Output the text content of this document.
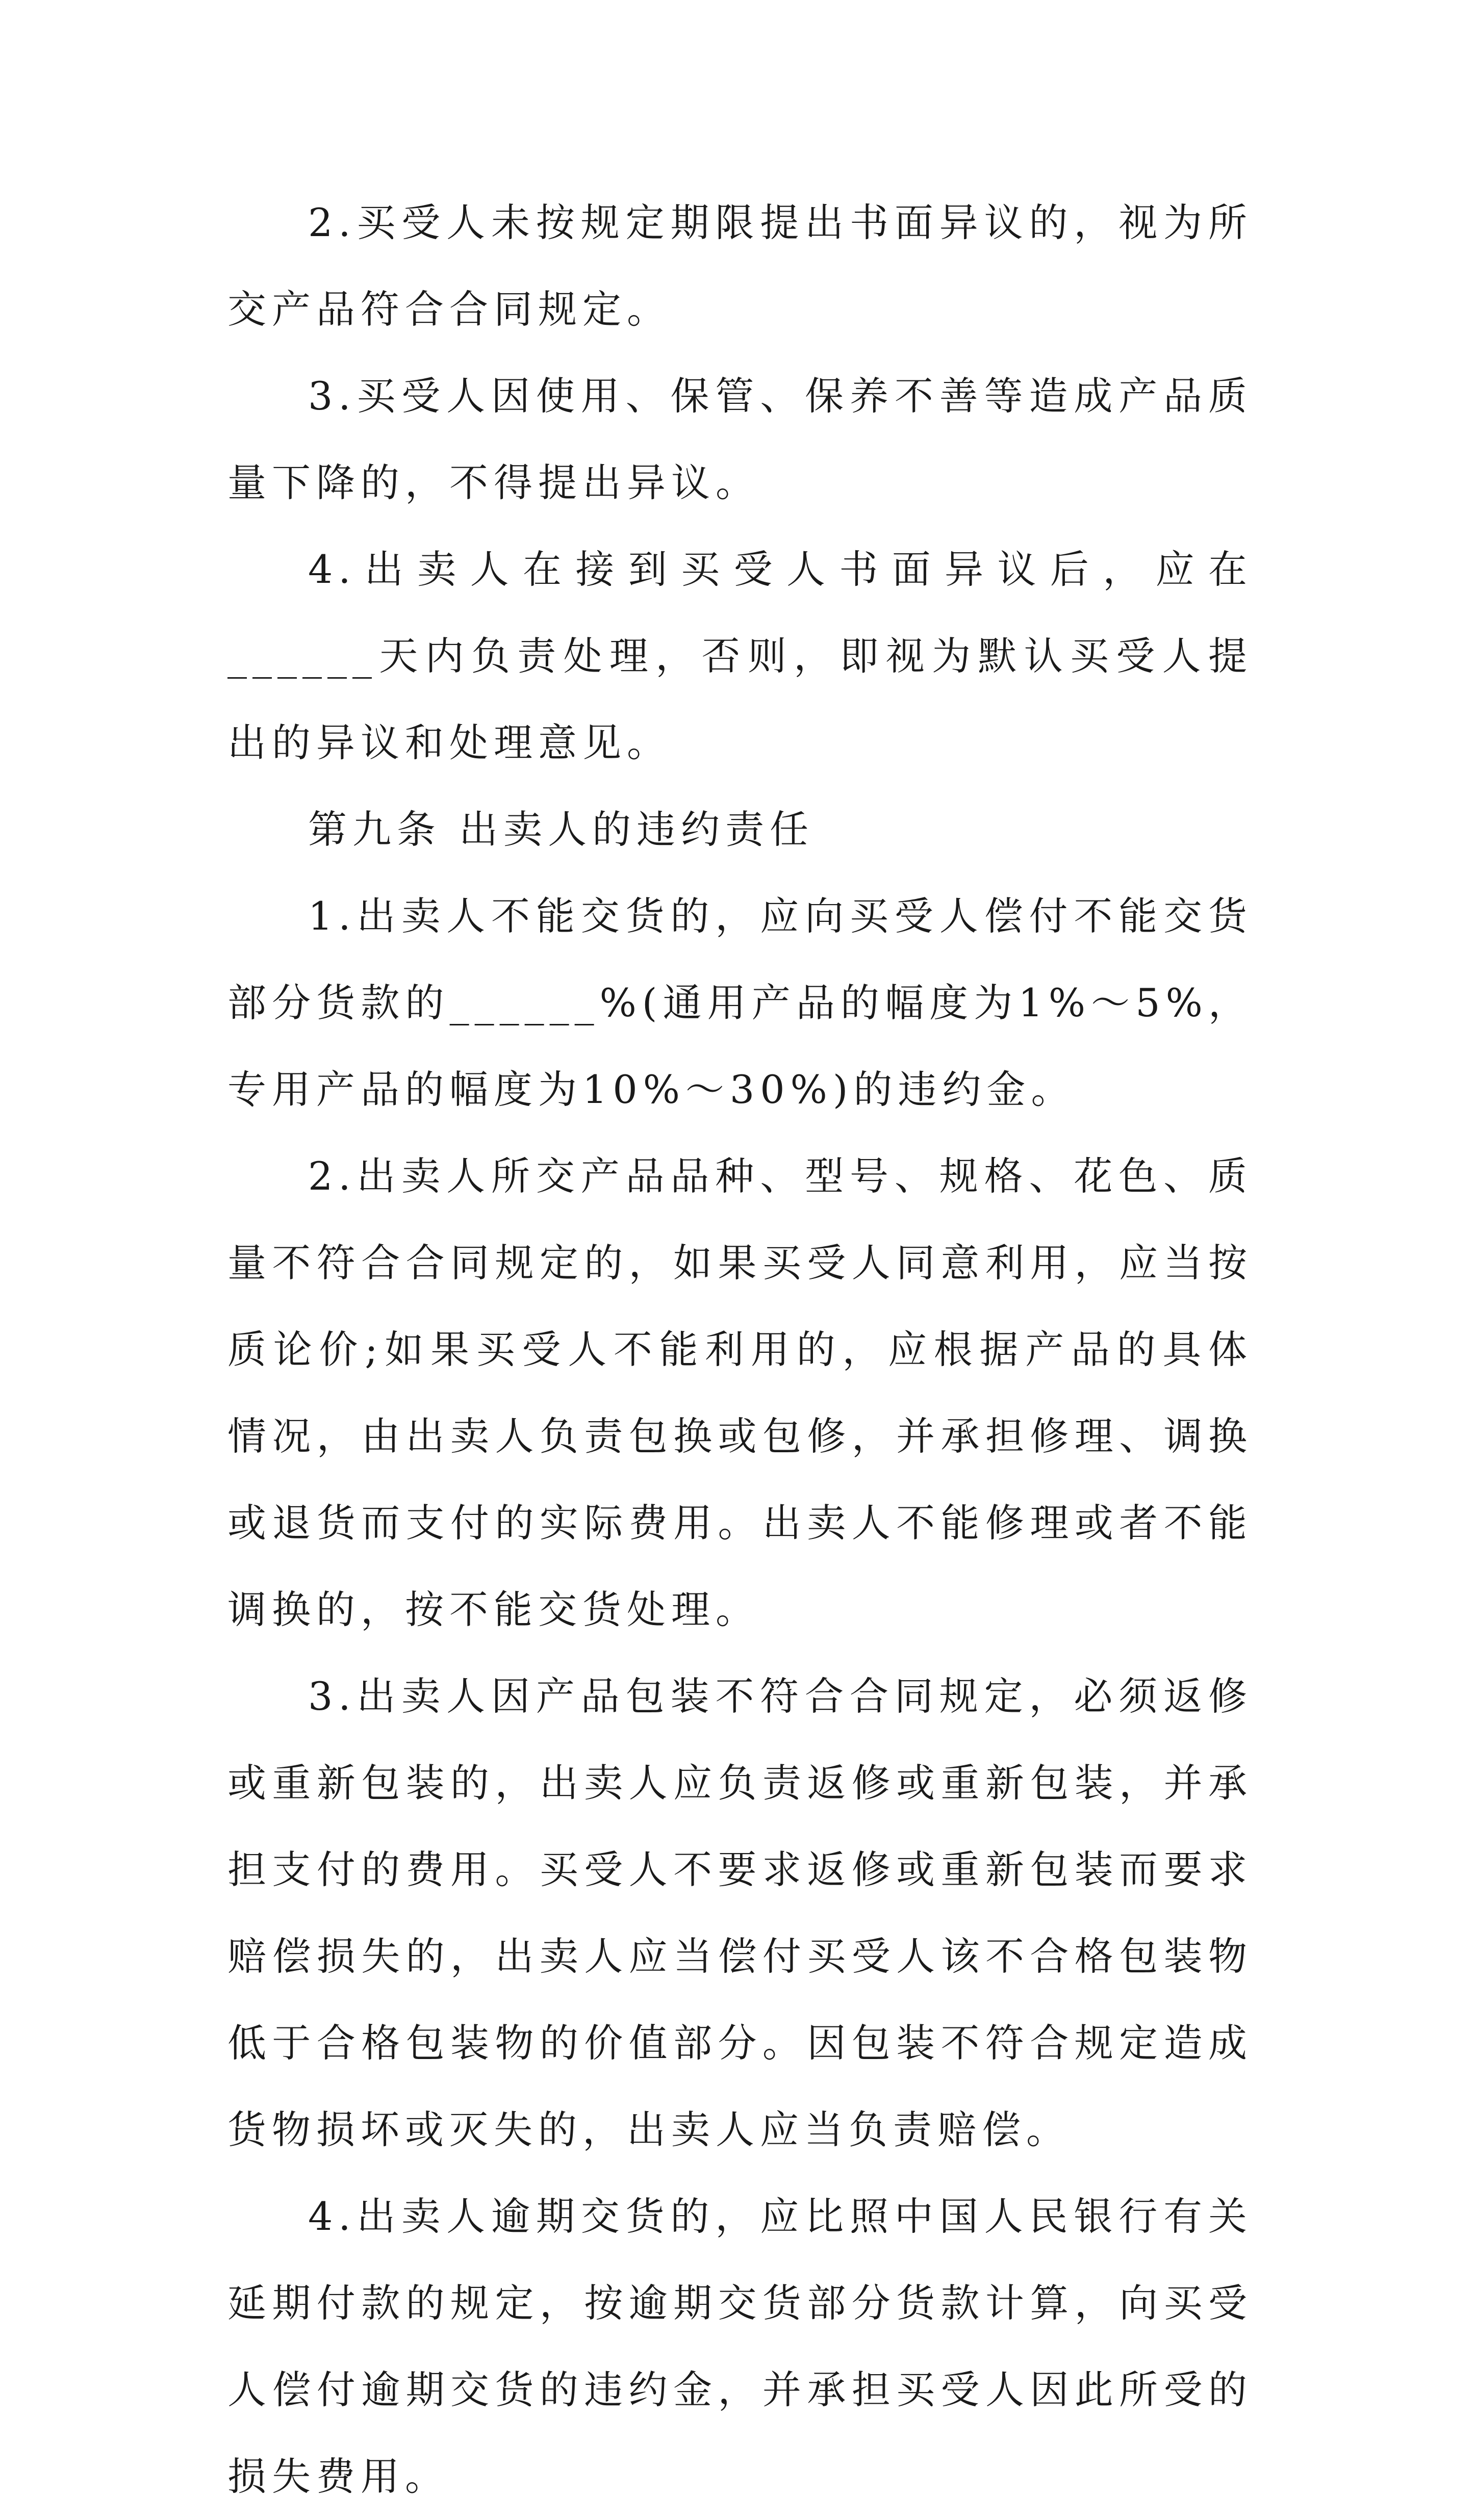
2.买受人未按规定期限提出书面异议的，视为所交产品符合合同规定。

3.买受人因使用、保管、保养不善等造成产品质量下降的，不得提出异议。

4.出卖人在接到买受人书面异议后，应在______天内负责处理，否则，即视为默认买受人提出的异议和处理意见。

第九条 出卖人的违约责任

1.出卖人不能交货的，应向买受人偿付不能交货部分货款的______%(通用产品的幅度为1%～5%，专用产品的幅度为10%～30%)的违约金。

2.出卖人所交产品品种、型号、规格、花色、质量不符合合同规定的，如果买受人同意利用，应当按质论价;如果买受人不能利用的，应根据产品的具体情况，由出卖人负责包换或包修，并承担修理、调换或退货而支付的实际费用。出卖人不能修理或者不能调换的，按不能交货处理。

3.出卖人因产品包装不符合合同规定，必须返修或重新包装的，出卖人应负责返修或重新包装，并承担支付的费用。买受人不要求返修或重新包装而要求赔偿损失的，出卖人应当偿付买受人该不合格包装物低于合格包装物的价值部分。因包装不符合规定造成货物损坏或灭失的，出卖人应当负责赔偿。

4.出卖人逾期交货的，应比照中国人民银行有关延期付款的规定，按逾期交货部分货款计算，向买受人偿付逾期交货的违约金，并承担买受人因此所受的损失费用。
